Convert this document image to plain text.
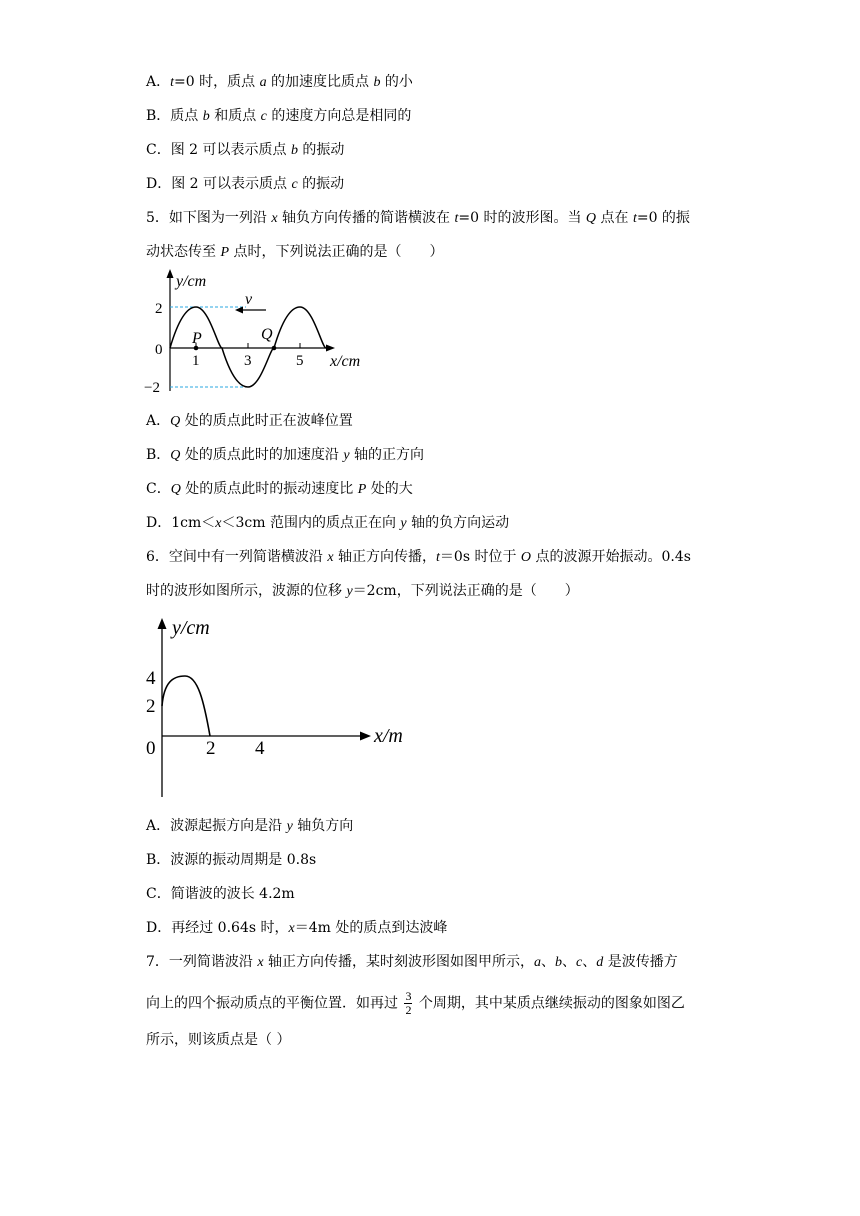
A．t=0 时，质点 a 的加速度比质点 b 的小
B．质点 b 和质点 c 的速度方向总是相同的
C．图 2 可以表示质点 b 的振动
D．图 2 可以表示质点 c 的振动
5．如下图为一列沿 x 轴负方向传播的简谐横波在 t=0 时的波形图。当 Q 点在 t=0 的振
动状态传至 P 点时，下列说法正确的是（　　）
y/cm
x/cm
2
0
−2
1	3	5
P	Q
v
A．Q 处的质点此时正在波峰位置
B．Q 处的质点此时的加速度沿 y 轴的正方向
C．Q 处的质点此时的振动速度比 P 处的大
D．1cm＜x＜3cm 范围内的质点正在向 y 轴的负方向运动
6．空间中有一列简谐横波沿 x 轴正方向传播，t＝0s 时位于 O 点的波源开始振动。0.4s
时的波形如图所示，波源的位移 y＝2cm，下列说法正确的是（　　）
y/cm
x/m
4
2
0	2 4
A．波源起振方向是沿 y 轴负方向
B．波源的振动周期是 0.8s
C．简谐波的波长 4.2m
D．再经过 0.64s 时，x＝4m 处的质点到达波峰
7．一列简谐波沿 x 轴正方向传播，某时刻波形图如图甲所示，a、b、c、d 是波传播方
向上的四个振动质点的平衡位置．如再过 $\frac{3}{2}$ 个周期，其中某质点继续振动的图象如图乙
所示，则该质点是（ ）
